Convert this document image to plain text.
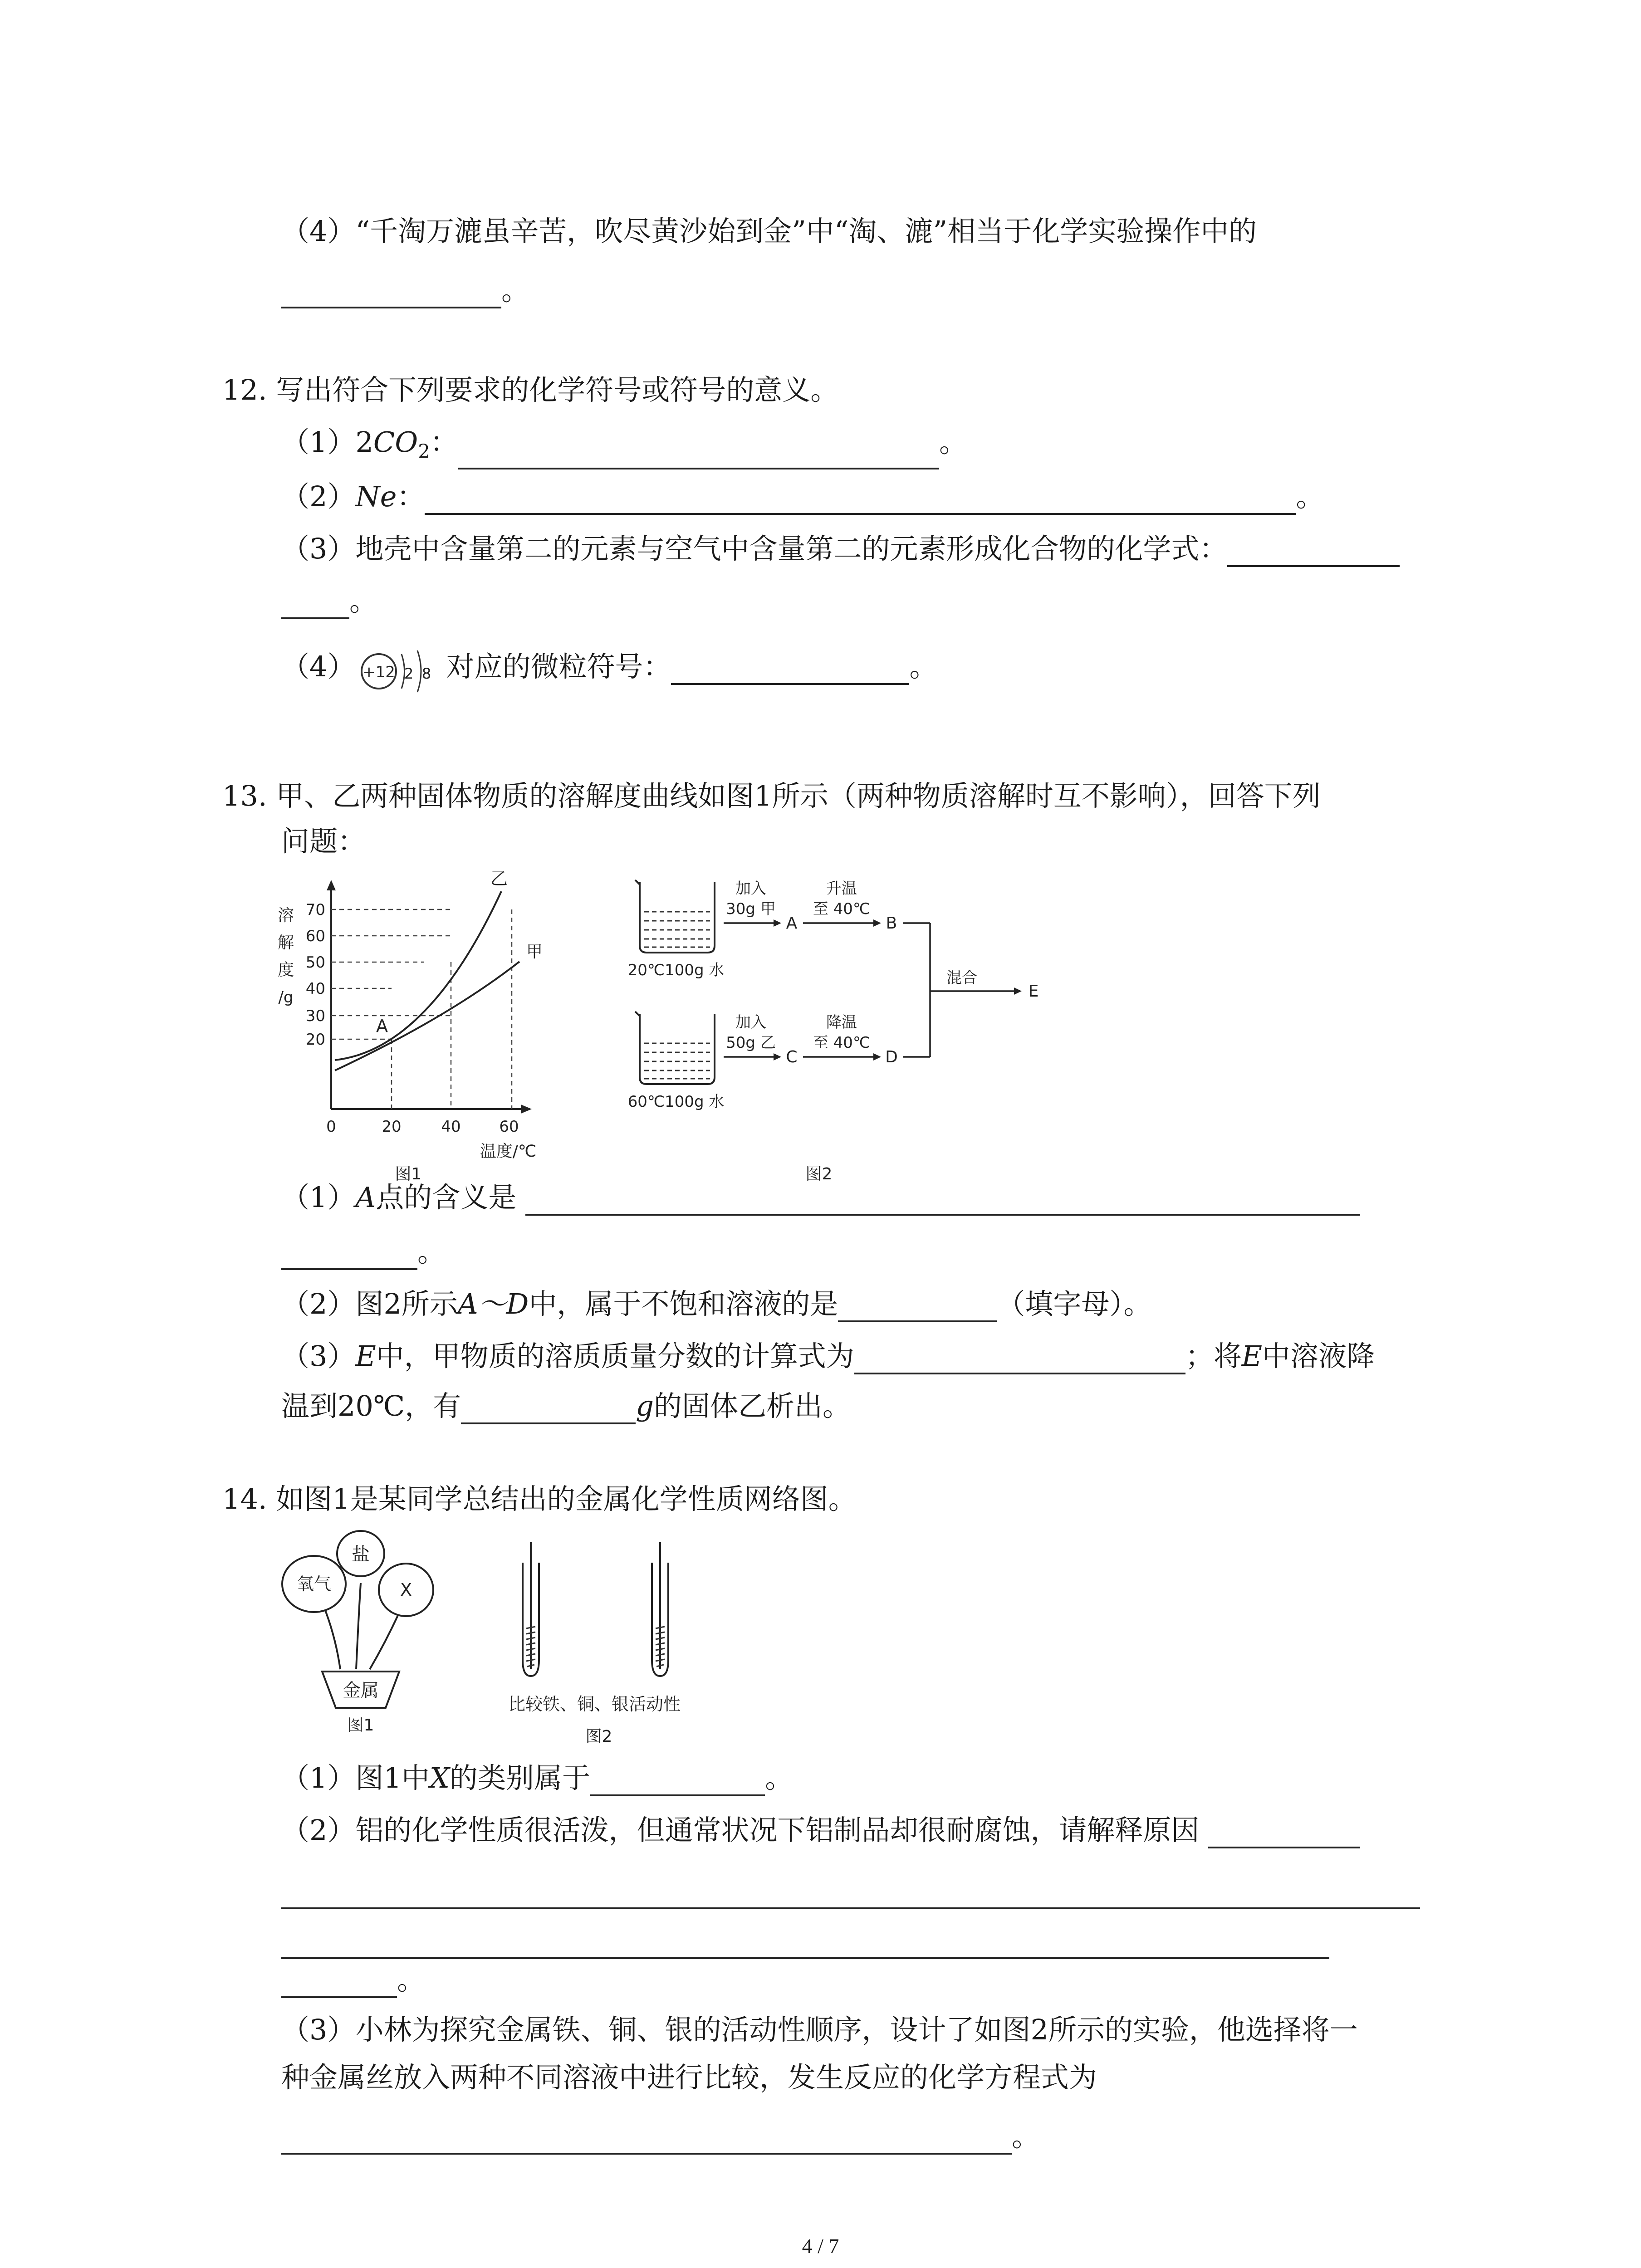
（4）“千淘万漉虽辛苦，吹尽黄沙始到金”中“淘、漉”相当于化学实验操作中的
。
12. 写出符合下列要求的化学符号或符号的意义。
$(1)2CO_2$：	。
（2）Ne：	。
（3）地壳中含量第二的元素与空气中含量第二的元素形成化合物的化学式：
。
（4）	对应的微粒符号：	。
+12 2 8
13. 甲、乙两种固体物质的溶解度曲线如图1所示（两种物质溶解时互不影响），回答下列
问题：
溶
解
度
/g
70
60
50
40
30
20
乙
甲
A
0	20	40 60
温度/℃
图1
20℃100g 水
60℃100g 水
加入
30g 甲
A
升温
至 40℃
B
加入
50g 乙
C
降温
至 40℃
D
混合
E
图2
（1）A点的含义是
。
（2）图2所示A～D中，属于不饱和溶液的是	（填字母）。
（3）E中，甲物质的溶质质量分数的计算式为	；将E中溶液降
温到20℃，有	g的固体乙析出。
14. 如图1是某同学总结出的金属化学性质网络图。
氧气
盐
X
金属
图1
比较铁、铜、银活动性
图2
（1）图1中X的类别属于	。
（2）铝的化学性质很活泼，但通常状况下铝制品却很耐腐蚀，请解释原因
。
（3）小林为探究金属铁、铜、银的活动性顺序，设计了如图2所示的实验，他选择将一
种金属丝放入两种不同溶液中进行比较，发生反应的化学方程式为
。
4 / 7
